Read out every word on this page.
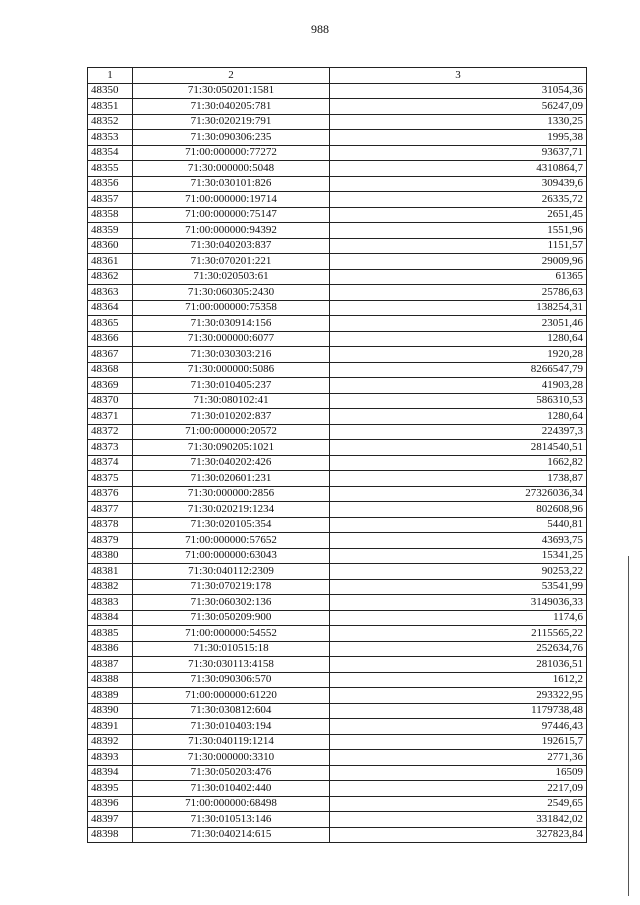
988
1	2	3
48350	71:30:050201:1581	31054,36
48351	71:30:040205:781	56247,09
48352	71:30:020219:791	1330,25
48353	71:30:090306:235	1995,38
48354	71:00:000000:77272	93637,71
48355	71:30:000000:5048	4310864,7
48356	71:30:030101:826	309439,6
48357	71:00:000000:19714	26335,72
48358	71:00:000000:75147	2651,45
48359	71:00:000000:94392	1551,96
48360	71:30:040203:837	1151,57
48361	71:30:070201:221	29009,96
48362	71:30:020503:61	61365
48363	71:30:060305:2430	25786,63
48364	71:00:000000:75358	138254,31
48365	71:30:030914:156	23051,46
48366	71:30:000000:6077	1280,64
48367	71:30:030303:216	1920,28
48368	71:30:000000:5086	8266547,79
48369	71:30:010405:237	41903,28
48370	71:30:080102:41	586310,53
48371	71:30:010202:837	1280,64
48372	71:00:000000:20572	224397,3
48373	71:30:090205:1021	2814540,51
48374	71:30:040202:426	1662,82
48375	71:30:020601:231	1738,87
48376	71:30:000000:2856	27326036,34
48377	71:30:020219:1234	802608,96
48378	71:30:020105:354	5440,81
48379	71:00:000000:57652	43693,75
48380	71:00:000000:63043	15341,25
48381	71:30:040112:2309	90253,22
48382	71:30:070219:178	53541,99
48383	71:30:060302:136	3149036,33
48384	71:30:050209:900	1174,6
48385	71:00:000000:54552	2115565,22
48386	71:30:010515:18	252634,76
48387	71:30:030113:4158	281036,51
48388	71:30:090306:570	1612,2
48389	71:00:000000:61220	293322,95
48390	71:30:030812:604	1179738,48
48391	71:30:010403:194	97446,43
48392	71:30:040119:1214	192615,7
48393	71:30:000000:3310	2771,36
48394	71:30:050203:476	16509
48395	71:30:010402:440	2217,09
48396	71:00:000000:68498	2549,65
48397	71:30:010513:146	331842,02
48398	71:30:040214:615	327823,84
